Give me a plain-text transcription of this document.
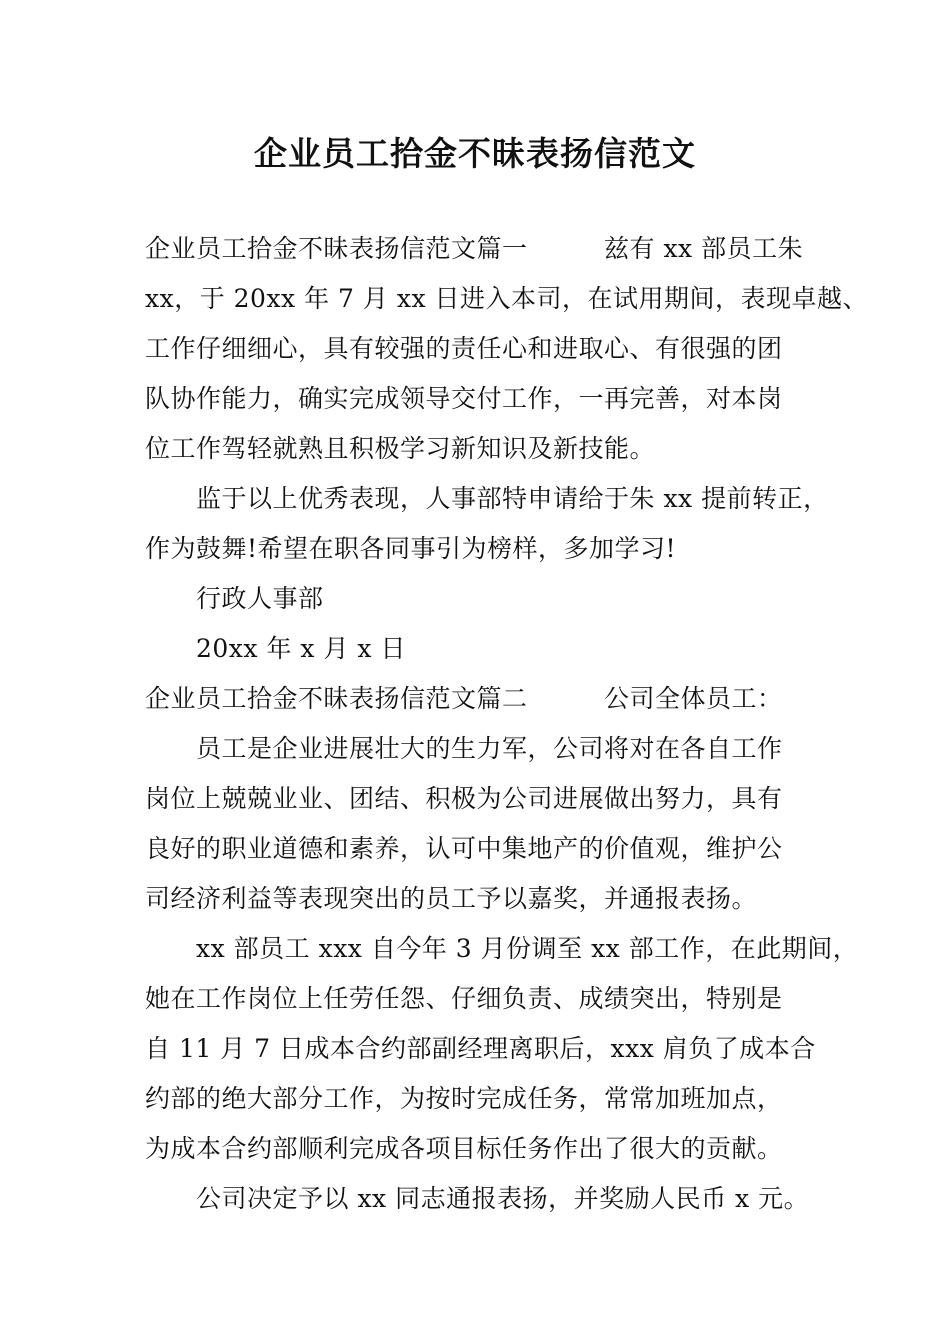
企业员工拾金不昧表扬信范文
企业员工拾金不昧表扬信范文篇一　　　兹有 xx 部员工朱
xx，于 20xx 年 7 月 xx 日进入本司，在试用期间，表现卓越、
工作仔细细心，具有较强的责任心和进取心、有很强的团
队协作能力，确实完成领导交付工作，一再完善，对本岗
位工作驾轻就熟且积极学习新知识及新技能。
监于以上优秀表现，人事部特申请给于朱 xx 提前转正，
作为鼓舞!希望在职各同事引为榜样，多加学习!
行政人事部
20xx 年 x 月 x 日
企业员工拾金不昧表扬信范文篇二　　　公司全体员工：
员工是企业进展壮大的生力军，公司将对在各自工作
岗位上兢兢业业、团结、积极为公司进展做出努力，具有
良好的职业道德和素养，认可中集地产的价值观，维护公
司经济利益等表现突出的员工予以嘉奖，并通报表扬。
xx 部员工 xxx 自今年 3 月份调至 xx 部工作，在此期间，
她在工作岗位上任劳任怨、仔细负责、成绩突出，特别是
自 11 月 7 日成本合约部副经理离职后，xxx 肩负了成本合
约部的绝大部分工作，为按时完成任务，常常加班加点，
为成本合约部顺利完成各项目标任务作出了很大的贡献。
公司决定予以 xx 同志通报表扬，并奖励人民币 x 元。
